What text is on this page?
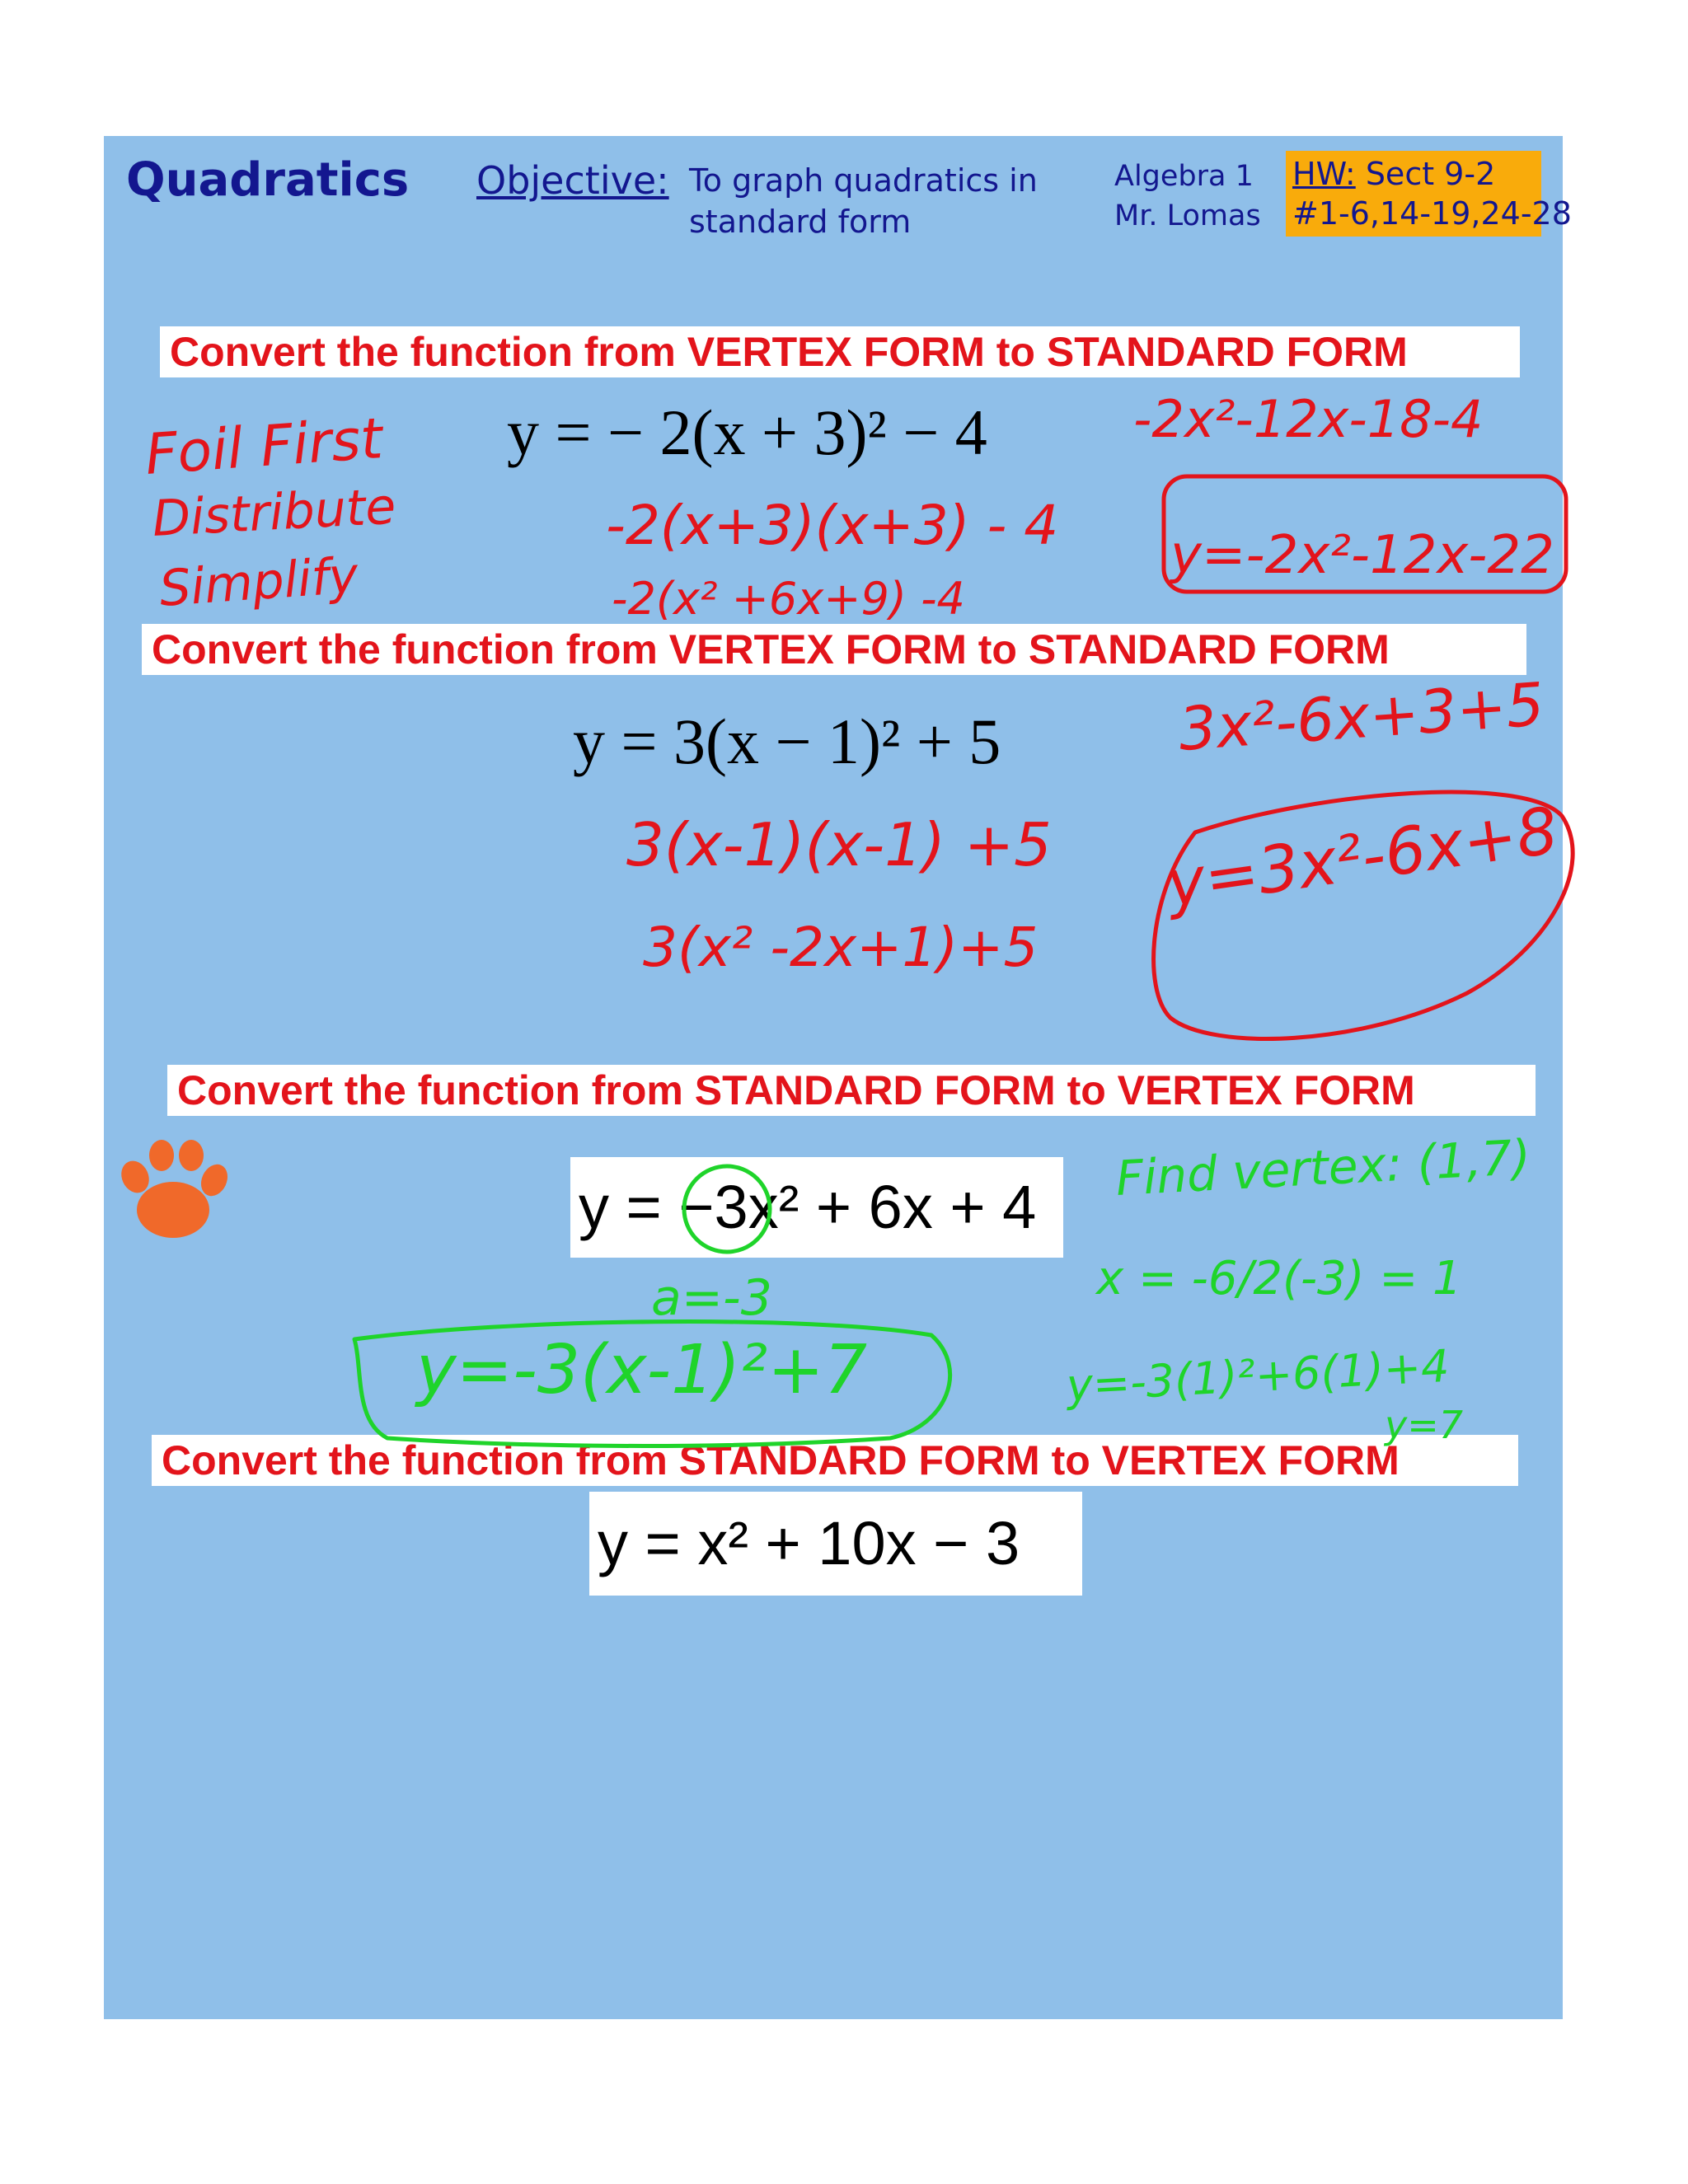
Quadratics Objective: To graph quadratics in
standard form
Algebra 1
Mr. Lomas
HW: Sect 9-2
#1-6,14-19,24-28
Convert the function from VERTEX FORM to STANDARD FORM
Convert the function from VERTEX FORM to STANDARD FORM
Convert the function from STANDARD FORM to VERTEX FORM
Convert the function from STANDARD FORM to VERTEX FORM
y = − 2(x + 3)² − 4
y = 3(x − 1)² + 5
y = −3x² + 6x + 4
y = x² + 10x − 3
Foil First
Distribute
Simplify
-2(x+3)(x+3) - 4
-2(x² +6x+9) -4
-2x²-12x-18-4
y=-2x²-12x-22
3(x-1)(x-1) +5
3(x² -2x+1)+5
3x²-6x+3+5
y=3x²-6x+8
a=-3
y=-3(x-1)²+7
Find vertex: (1,7)
x = -6/2(-3) = 1
y=-3(1)²+6(1)+4
y=7
